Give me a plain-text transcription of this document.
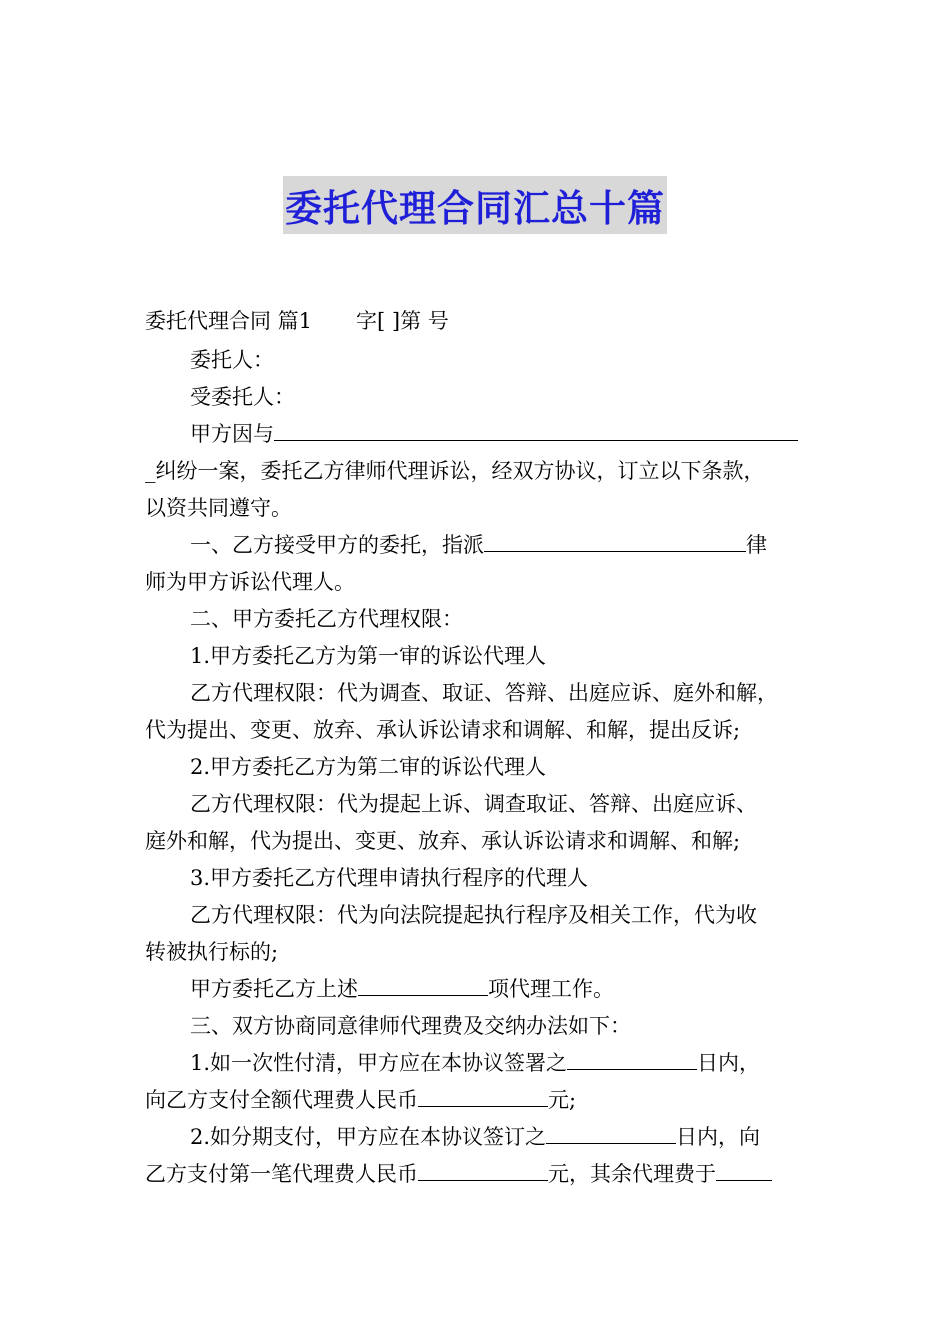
委托代理合同汇总十篇
委托代理合同 篇1 字[ ]第 号
委托人：
受委托人：
甲方因与
_纠纷一案，委托乙方律师代理诉讼，经双方协议，订立以下条款，
以资共同遵守。
一、乙方接受甲方的委托，指派	律
师为甲方诉讼代理人。
二、甲方委托乙方代理权限：
1.甲方委托乙方为第一审的诉讼代理人
乙方代理权限：代为调查、取证、答辩、出庭应诉、庭外和解，
代为提出、变更、放弃、承认诉讼请求和调解、和解，提出反诉;
2.甲方委托乙方为第二审的诉讼代理人
乙方代理权限：代为提起上诉、调查取证、答辩、出庭应诉、
庭外和解，代为提出、变更、放弃、承认诉讼请求和调解、和解;
3.甲方委托乙方代理申请执行程序的代理人
乙方代理权限：代为向法院提起执行程序及相关工作，代为收
转被执行标的;
甲方委托乙方上述	项代理工作。
三、双方协商同意律师代理费及交纳办法如下：
1.如一次性付清，甲方应在本协议签署之	日内，
向乙方支付全额代理费人民币	元;
2.如分期支付，甲方应在本协议签订之	日内，向
乙方支付第一笔代理费人民币	元，其余代理费于
